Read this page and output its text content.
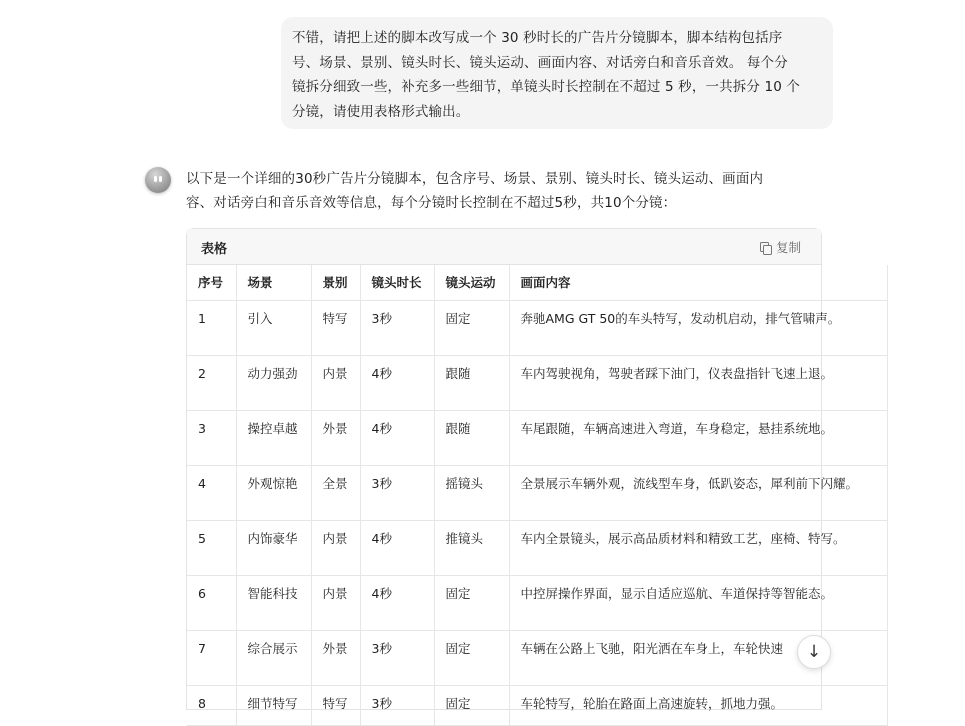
不错，请把上述的脚本改写成一个 30 秒时长的广告片分镜脚本，脚本结构包括序
号、场景、景别、镜头时长、镜头运动、画面内容、对话旁白和音乐音效。 每个分
镜拆分细致一些，补充多一些细节，单镜头时长控制在不超过 5 秒，一共拆分 10 个
分镜，请使用表格形式输出。
以下是一个详细的30秒广告片分镜脚本，包含序号、场景、景别、镜头时长、镜头运动、画面内
容、对话旁白和音乐音效等信息，每个分镜时长控制在不超过5秒，共10个分镜：
表格	复制
序号	场景	景别	镜头时长	镜头运动	画面内容
1	引入	特写	3秒	固定	奔驰AMG GT 50的车头特写，发动机启动，排气管啸声。
2	动力强劲	内景	4秒	跟随	车内驾驶视角，驾驶者踩下油门，仪表盘指针飞速上退。
3	操控卓越	外景	4秒	跟随	车尾跟随，车辆高速进入弯道，车身稳定，悬挂系统地。
4	外观惊艳	全景	3秒	摇镜头	全景展示车辆外观，流线型车身，低趴姿态，犀利前下闪耀。
5	内饰豪华	内景	4秒	推镜头	车内全景镜头，展示高品质材料和精致工艺，座椅、特写。
6	智能科技	内景	4秒	固定	中控屏操作界面，显示自适应巡航、车道保持等智能态。
7	综合展示	外景	3秒	固定	车辆在公路上飞驰，阳光洒在车身上，车轮快速
8	细节特写	特写	3秒	固定	车轮特写，轮胎在路面上高速旋转，抓地力强。
↓
